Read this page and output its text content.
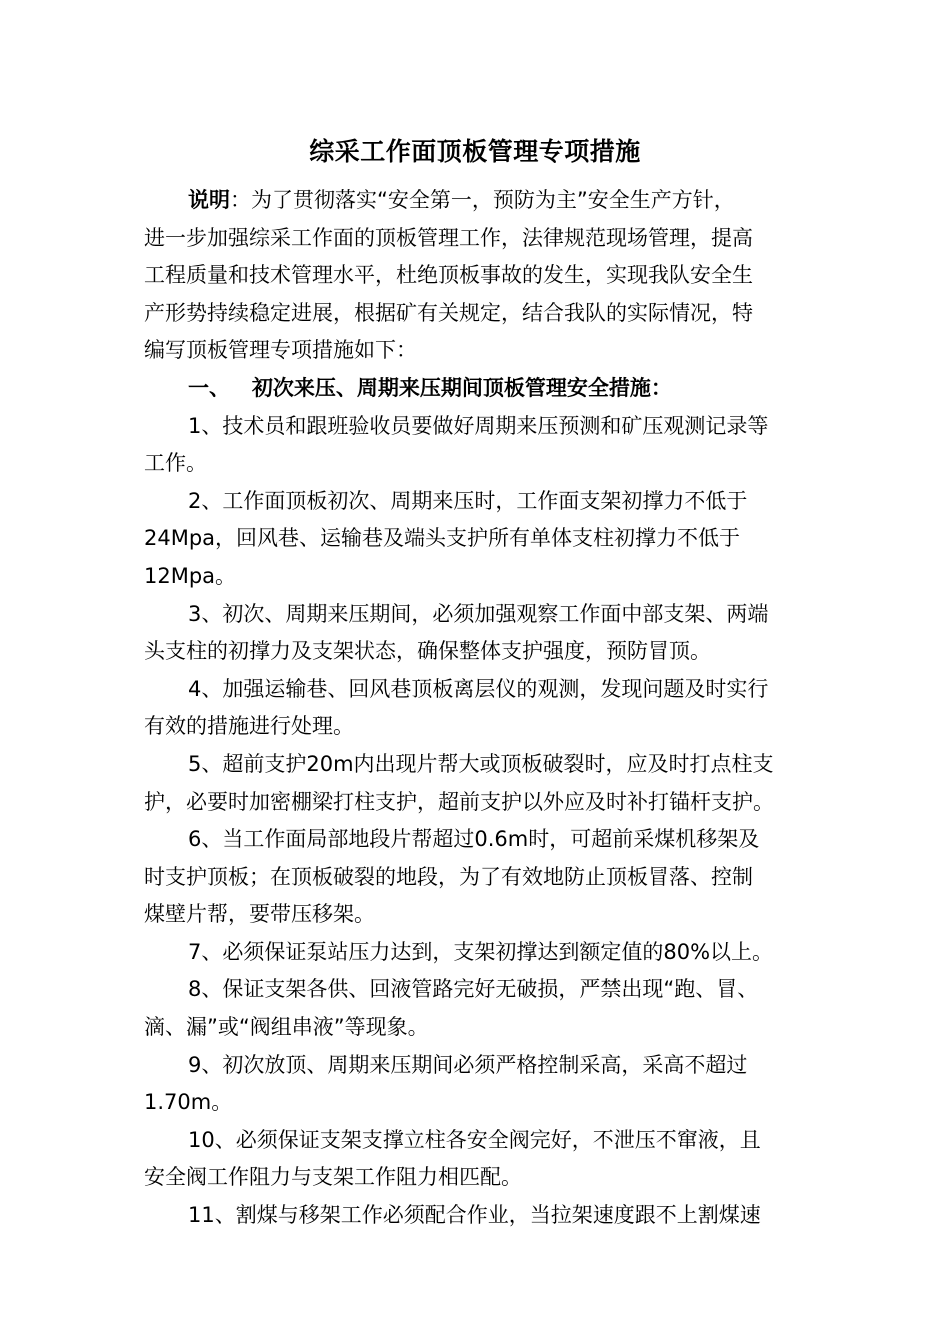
综采工作面顶板管理专项措施
说明：为了贯彻落实“安全第一，预防为主”安全生产方针，
进一步加强综采工作面的顶板管理工作，法律规范现场管理，提高
工程质量和技术管理水平，杜绝顶板事故的发生，实现我队安全生
产形势持续稳定进展，根据矿有关规定，结合我队的实际情况，特
编写顶板管理专项措施如下：
一、   初次来压、周期来压期间顶板管理安全措施：
1、技术员和跟班验收员要做好周期来压预测和矿压观测记录等
工作。
2、工作面顶板初次、周期来压时，工作面支架初撑力不低于
24Mpa，回风巷、运输巷及端头支护所有单体支柱初撑力不低于
12Mpa。
3、初次、周期来压期间，必须加强观察工作面中部支架、两端
头支柱的初撑力及支架状态，确保整体支护强度，预防冒顶。
4、加强运输巷、回风巷顶板离层仪的观测，发现问题及时实行
有效的措施进行处理。
5、超前支护20m内出现片帮大或顶板破裂时，应及时打点柱支
护，必要时加密棚梁打柱支护，超前支护以外应及时补打锚杆支护。
6、当工作面局部地段片帮超过0.6m时，可超前采煤机移架及
时支护顶板；在顶板破裂的地段，为了有效地防止顶板冒落、控制
煤壁片帮，要带压移架。
7、必须保证泵站压力达到，支架初撑达到额定值的80%以上。
8、保证支架各供、回液管路完好无破损，严禁出现“跑、冒、
滴、漏”或“阀组串液”等现象。
9、初次放顶、周期来压期间必须严格控制采高，采高不超过
1.70m。
10、必须保证支架支撑立柱各安全阀完好，不泄压不窜液，且
安全阀工作阻力与支架工作阻力相匹配。
11、割煤与移架工作必须配合作业，当拉架速度跟不上割煤速
